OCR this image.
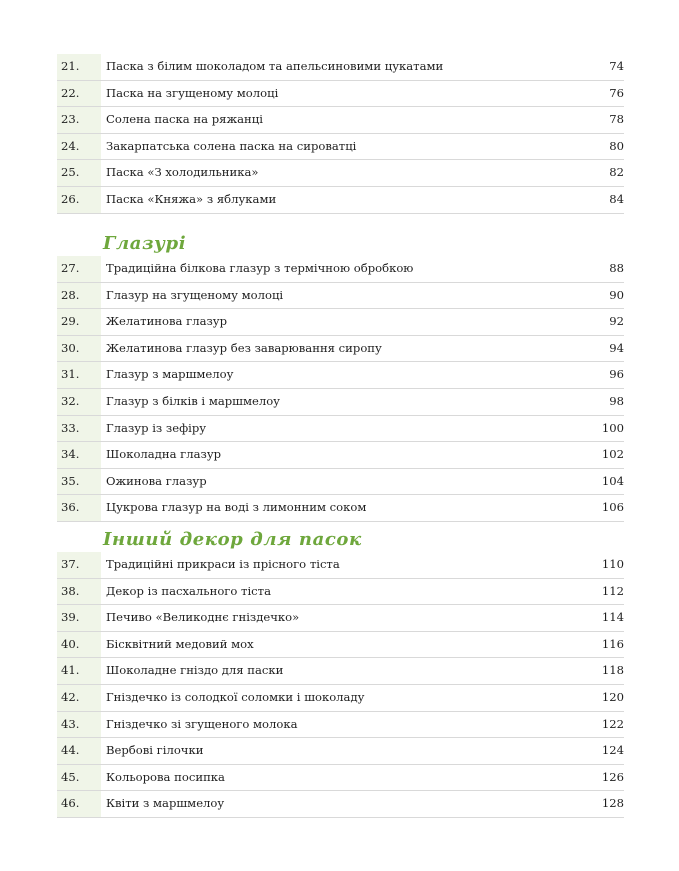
21. Паска з білим шоколадом та апельсиновими цукатами	74
22. Паска на згущеному молоці	76
23. Солена паска на ряжанці	78
24. Закарпатська солена паска на сироватці	80
25. Паска «З холодильника»	82
26. Паска «Княжа» з яблуками	84
Глазурі
27. Традиційна білкова глазур з термічною обробкою	88
28. Глазур на згущеному молоці	90
29. Желатинова глазур	92
30. Желатинова глазур без заварювання сиропу	94
31. Глазур з маршмелоу	96
32. Глазур з білків і маршмелоу	98
33. Глазур із зефіру	100
34. Шоколадна глазур	102
35. Ожинова глазур	104
36. Цукрова глазур на воді з лимонним соком	106
Інший декор для пасок
37. Традиційні прикраси із прісного тіста	110
38. Декор із пасхального тіста	112
39. Печиво «Великоднє гніздечко»	114
40. Бісквітний медовий мох	116
41. Шоколадне гніздо для паски	118
42. Гніздечко із солодкої соломки і шоколаду	120
43. Гніздечко зі згущеного молока	122
44. Вербові гілочки	124
45. Кольорова посипка	126
46. Квіти з маршмелоу	128
